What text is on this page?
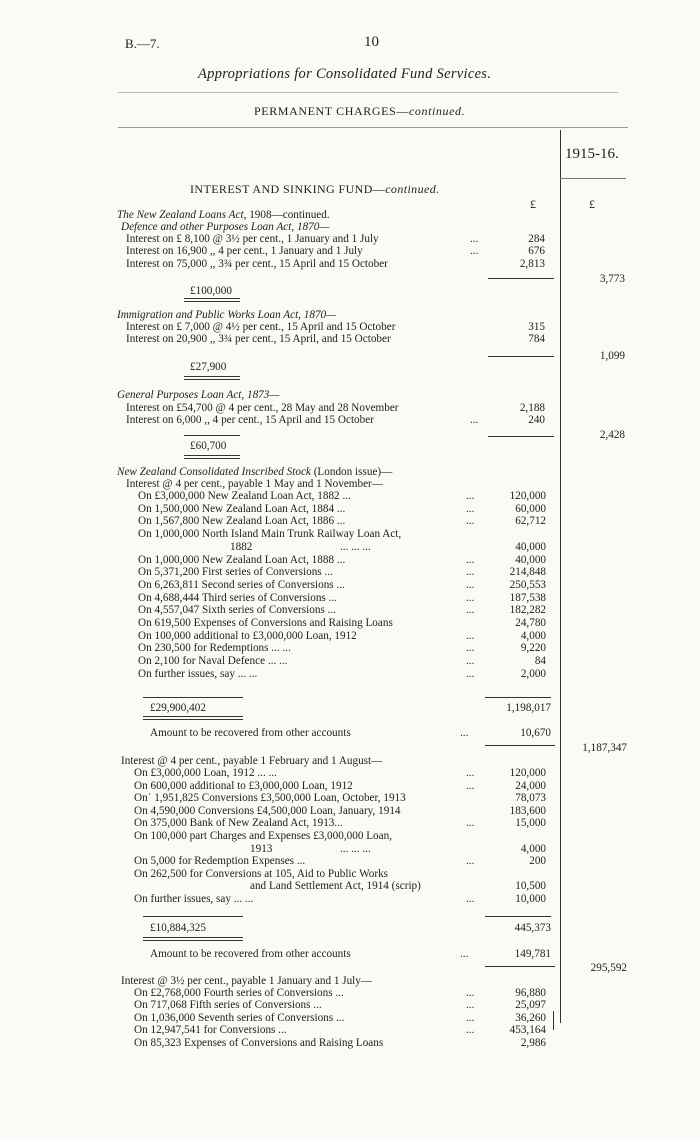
B.—7.	10
Appropriations for Consolidated Fund Services.
PERMANENT CHARGES—continued.
1915-16.
INTEREST AND SINKING FUND—continued.
£	£
The New Zealand Loans Act, 1908—continued.
Defence and other Purposes Loan Act, 1870—
Interest on £ 8,100 @ 3½ per cent., 1 January and 1 July	...	284
Interest on 16,900 ,, 4 per cent., 1 January and 1 July	...	676
Interest on 75,000 ,, 3¾ per cent., 15 April and 15 October	2,813
£100,000
3,773
Immigration and Public Works Loan Act, 1870—
Interest on £ 7,000 @ 4½ per cent., 15 April and 15 October	315
Interest on 20,900 ,, 3¾ per cent., 15 April, and 15 October	784
£27,900
1,099
General Purposes Loan Act, 1873—
Interest on £54,700 @ 4 per cent., 28 May and 28 November	2,188
Interest on 6,000 ,, 4 per cent., 15 April and 15 October	...	240
£60,700
2,428
New Zealand Consolidated Inscribed Stock (London issue)—
Interest @ 4 per cent., payable 1 May and 1 November—
On £3,000,000 New Zealand Loan Act, 1882 ...	...	120,000
On 1,500,000 New Zealand Loan Act, 1884 ...	...	60,000
On 1,567,800 New Zealand Loan Act, 1886 ...	...	62,712
On 1,000,000 North Island Main Trunk Railway Loan Act,
1882	... ... ...	40,000
On 1,000,000 New Zealand Loan Act, 1888 ...	...	40,000
On 5,371,200 First series of Conversions ...	...	214,848
On 6,263,811 Second series of Conversions ...	...	250,553
On 4,688,444 Third series of Conversions ...	...	187,538
On 4,557,047 Sixth series of Conversions ...	...	182,282
On 619,500 Expenses of Conversions and Raising Loans	24,780
On 100,000 additional to £3,000,000 Loan, 1912	...	4,000
On 230,500 for Redemptions ... ...	...	9,220
On 2,100 for Naval Defence ... ...	...	84
On further issues, say ... ...	...	2,000
£29,900,402	1,198,017
Amount to be recovered from other accounts	...	10,670
1,187,347
Interest @ 4 per cent., payable 1 February and 1 August—
On £3,000,000 Loan, 1912 ... ...	...	120,000
On 600,000 additional to £3,000,000 Loan, 1912	...	24,000
On˙ 1,951,825 Conversions £3,500,000 Loan, October, 1913	78,073
On 4,590,000 Conversions £4,500,000 Loan, January, 1914	183,600
On 375,000 Bank of New Zealand Act, 1913...	...	15,000
On 100,000 part Charges and Expenses £3,000,000 Loan,
1913	... ... ...	4,000
On 5,000 for Redemption Expenses ...	...	200
On 262,500 for Conversions at 105, Aid to Public Works
and Land Settlement Act, 1914 (scrip)	10,500
On further issues, say ... ...	...	10,000
£10,884,325	445,373
Amount to be recovered from other accounts	...	149,781
295,592
Interest @ 3½ per cent., payable 1 January and 1 July—
On £2,768,000 Fourth series of Conversions ...	...	96,880
On 717,068 Fifth series of Conversions ...	...	25,097
On 1,036,000 Seventh series of Conversions ...	...	36,260
On 12,947,541 for Conversions ...	...	453,164
On 85,323 Expenses of Conversions and Raising Loans	2,986
